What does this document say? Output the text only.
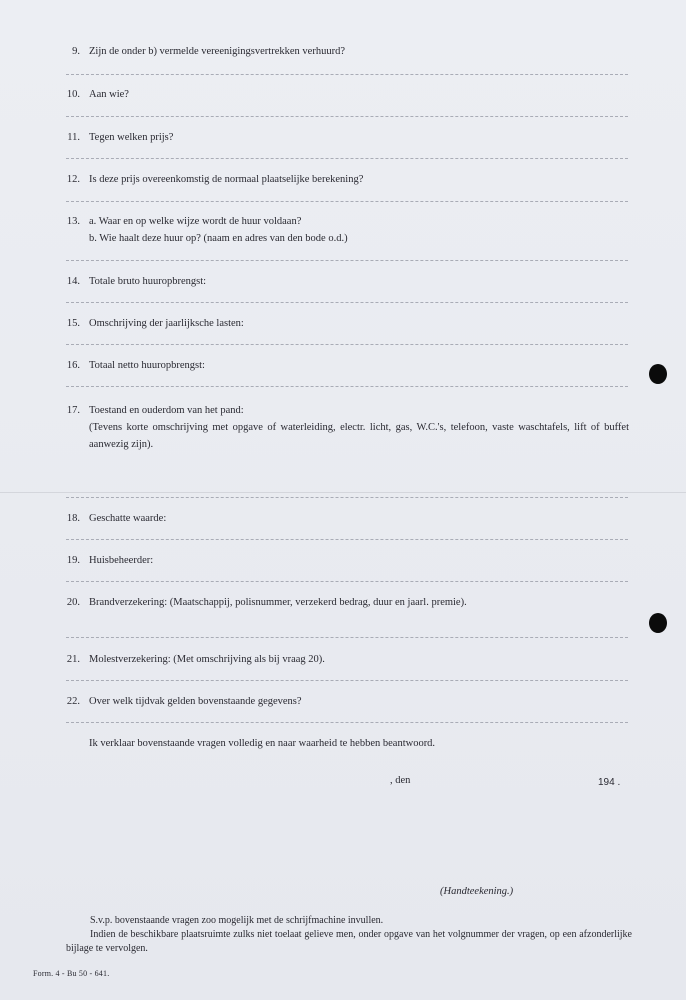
9. Zijn de onder b) vermelde vereenigingsvertrekken verhuurd?
10. Aan wie?
11. Tegen welken prijs?
12. Is deze prijs overeenkomstig de normaal plaatselijke berekening?
13. a. Waar en op welke wijze wordt de huur voldaan?
b. Wie haalt deze huur op? (naam en adres van den bode o.d.)
14. Totale bruto huuropbrengst:
15. Omschrijving der jaarlijksche lasten:
16. Totaal netto huuropbrengst:
17. Toestand en ouderdom van het pand:
(Tevens korte omschrijving met opgave of waterleiding, electr. licht, gas, W.C.'s, telefoon, vaste waschtafels, lift of buffet aanwezig zijn).
18. Geschatte waarde:
19. Huisbeheerder:
20. Brandverzekering: (Maatschappij, polisnummer, verzekerd bedrag, duur en jaarl. premie).
21. Molestverzekering: (Met omschrijving als bij vraag 20).
22. Over welk tijdvak gelden bovenstaande gegevens?
Ik verklaar bovenstaande vragen volledig en naar waarheid te hebben beantwoord.
, den	194 .
(Handteekening.)
S.v.p. bovenstaande vragen zoo mogelijk met de schrijfmachine invullen.
Indien de beschikbare plaatsruimte zulks niet toelaat gelieve men, onder opgave van het volgnummer der vragen, op een afzonderlijke bijlage te vervolgen.
Form. 4 - Bu 50 - 641.
